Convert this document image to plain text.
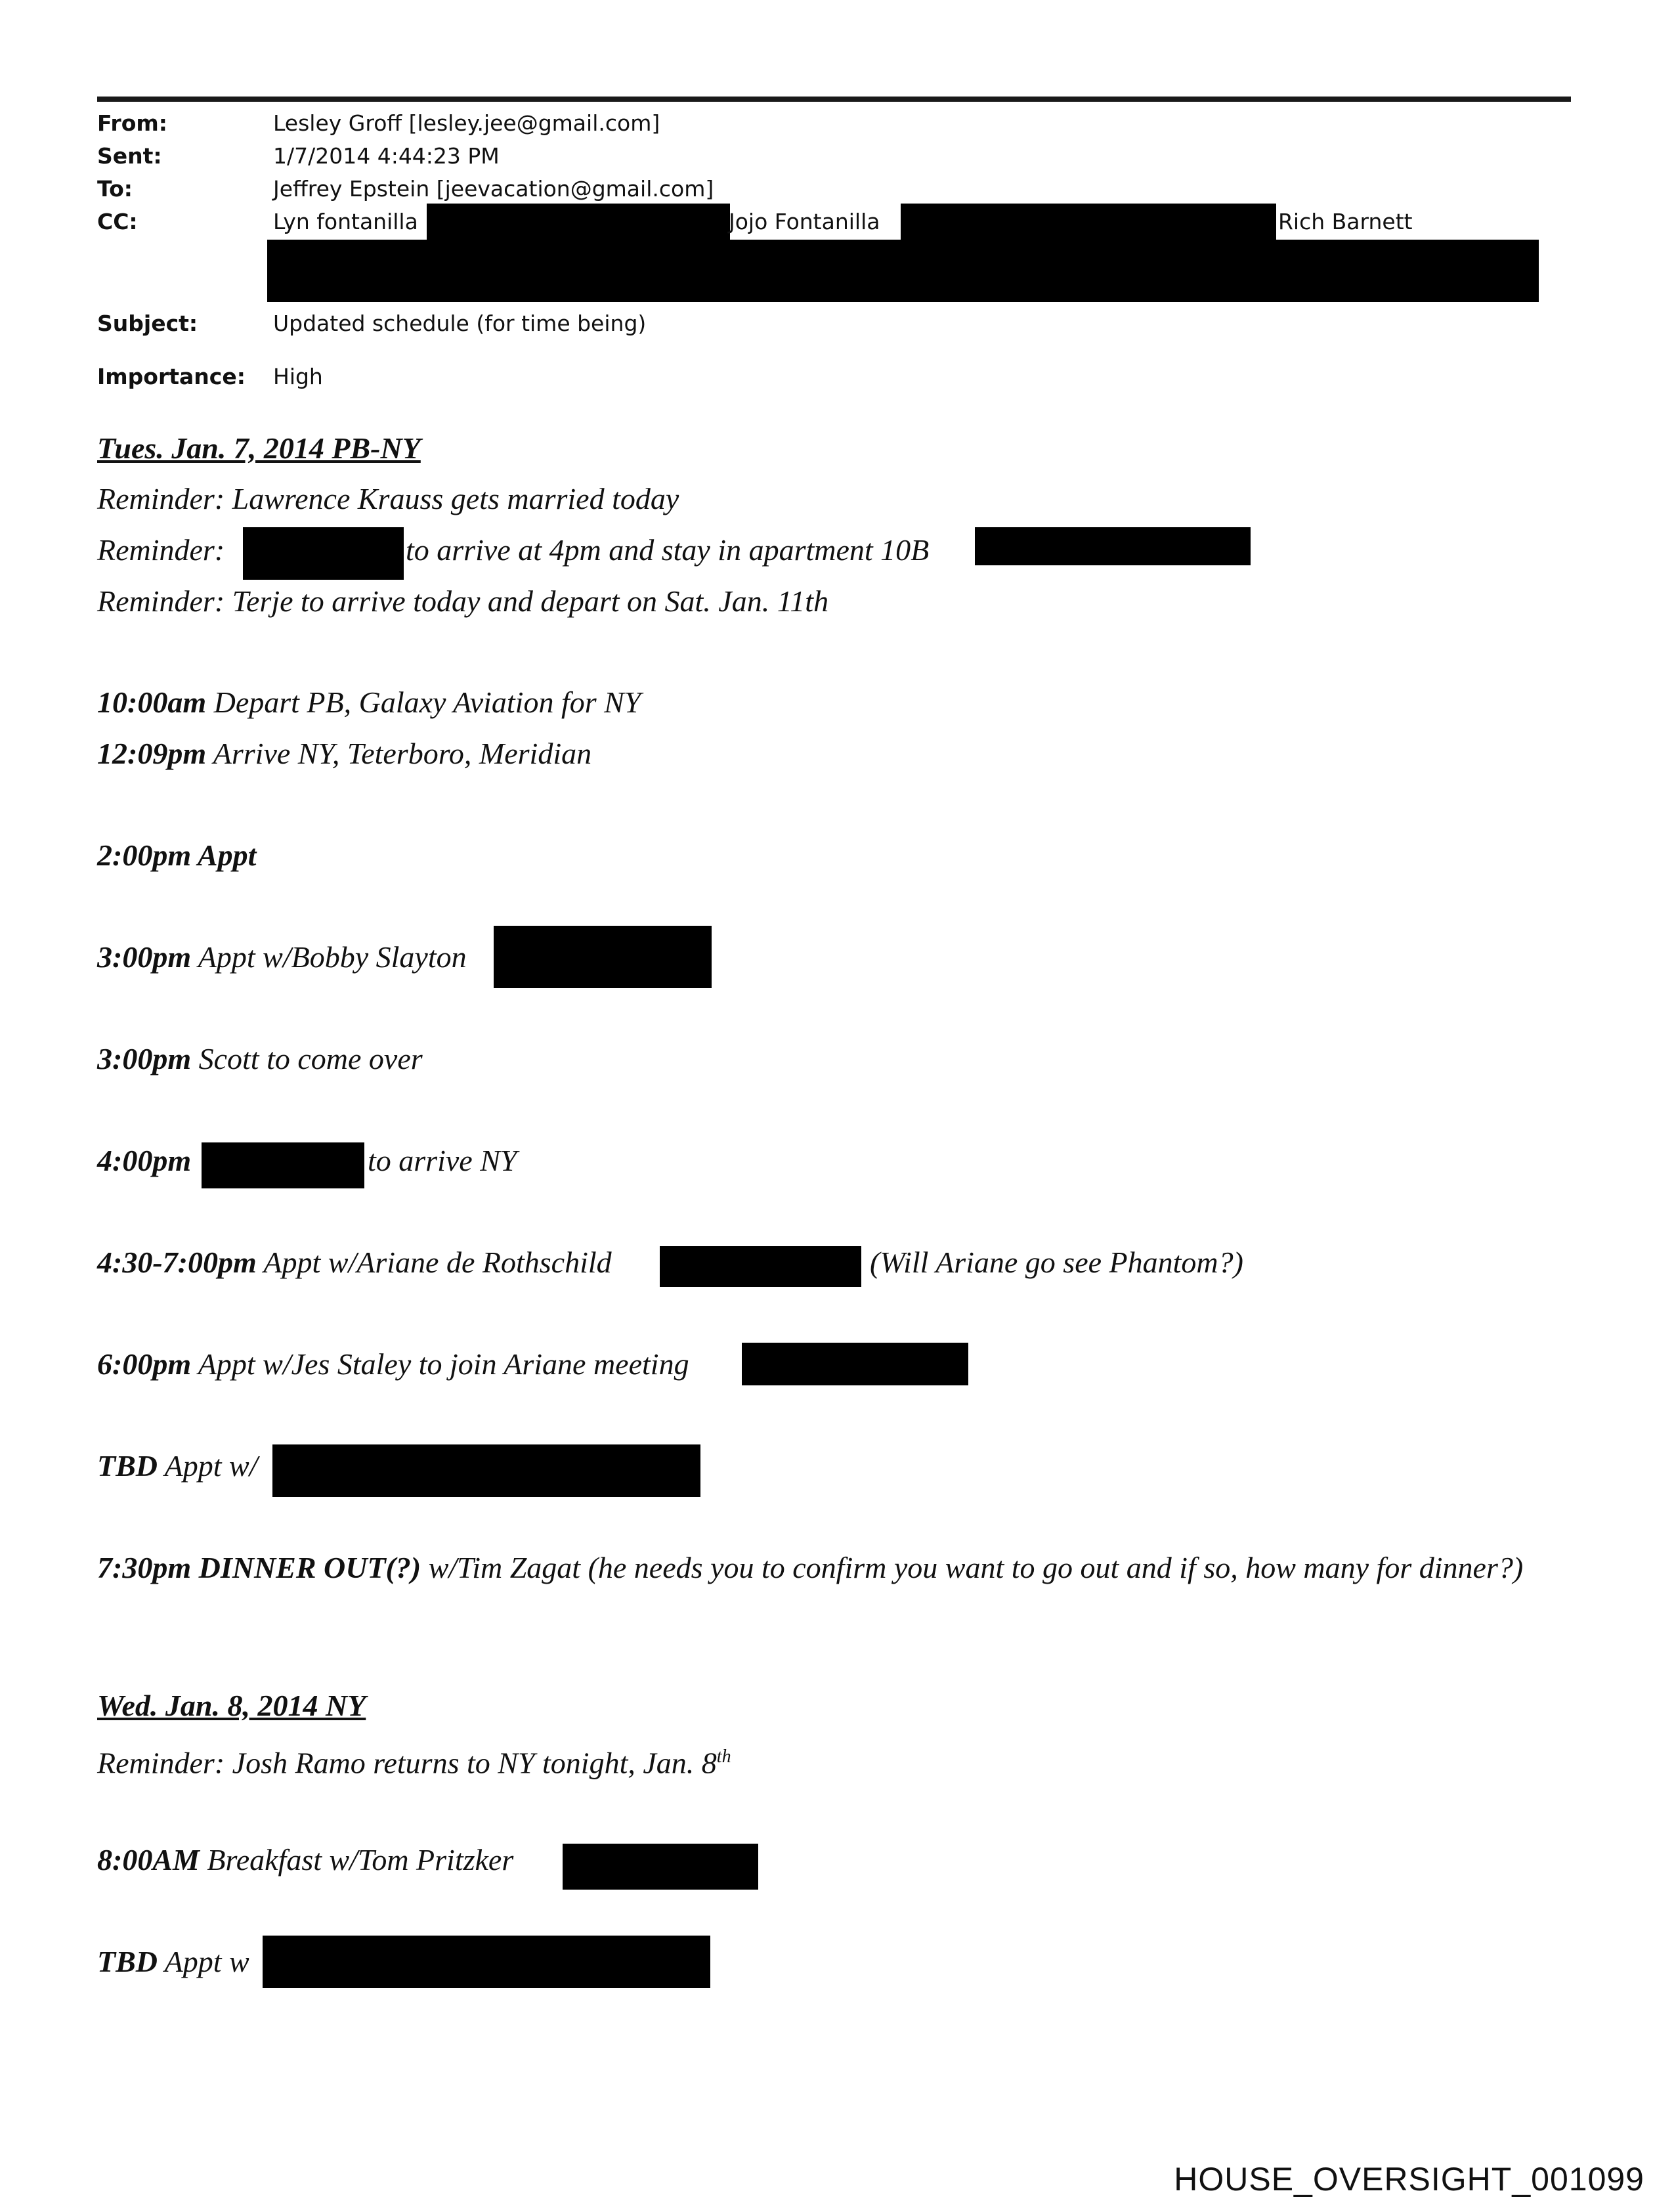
From:	Lesley Groff [lesley.jee@gmail.com]
Sent:	1/7/2014 4:44:23 PM
To:	Jeffrey Epstein [jeevacation@gmail.com]
CC:	Lyn fontanilla	Jojo Fontanilla	Rich Barnett
Subject:	Updated schedule (for time being)
Importance: High
Tues. Jan. 7, 2014 PB-NY
Reminder: Lawrence Krauss gets married today
Reminder:	to arrive at 4pm and stay in apartment 10B
Reminder: Terje to arrive today and depart on Sat. Jan. 11th
10:00am Depart PB, Galaxy Aviation for NY
12:09pm Arrive NY, Teterboro, Meridian
2:00pm Appt
3:00pm Appt w/Bobby Slayton
3:00pm Scott to come over
4:00pm	to arrive NY
4:30-7:00pm Appt w/Ariane de Rothschild	(Will Ariane go see Phantom?)
6:00pm Appt w/Jes Staley to join Ariane meeting
TBD Appt w/
7:30pm DINNER OUT(?) w/Tim Zagat (he needs you to confirm you want to go out and if so, how many for dinner?)
Wed. Jan. 8, 2014 NY
Reminder: Josh Ramo returns to NY tonight, Jan. 8th
8:00AM Breakfast w/Tom Pritzker
TBD Appt w
HOUSE_OVERSIGHT_001099
